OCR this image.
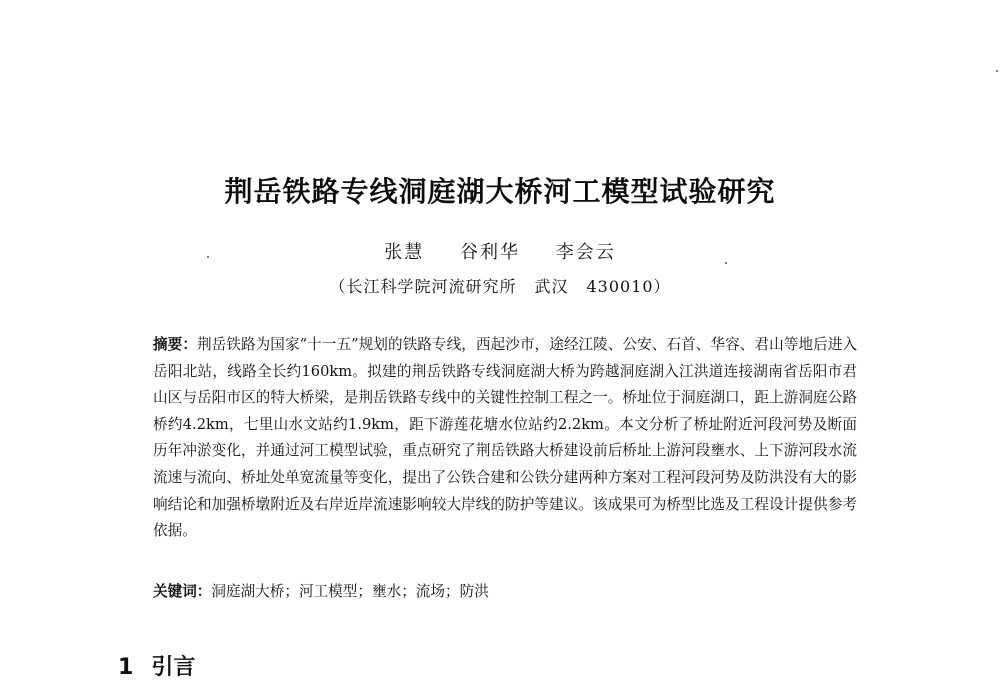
荆岳铁路专线洞庭湖大桥河工模型试验研究
张慧 谷利华 李会云
（长江科学院河流研究所 武汉 430010）
摘要：荆岳铁路为国家“十一五”规划的铁路专线，西起沙市，途经江陵、公安、石首、华容、君山等地后进入岳阳北站，线路全长约160km。拟建的荆岳铁路专线洞庭湖大桥为跨越洞庭湖入江洪道连接湖南省岳阳市君山区与岳阳市区的特大桥梁，是荆岳铁路专线中的关键性控制工程之一。桥址位于洞庭湖口，距上游洞庭公路桥约4.2km，七里山水文站约1.9km，距下游莲花塘水位站约2.2km。本文分析了桥址附近河段河势及断面历年冲淤变化，并通过河工模型试验，重点研究了荆岳铁路大桥建设前后桥址上游河段壅水、上下游河段水流流速与流向、桥址处单宽流量等变化，提出了公铁合建和公铁分建两种方案对工程河段河势及防洪没有大的影响结论和加强桥墩附近及右岸近岸流速影响较大岸线的防护等建议。该成果可为桥型比选及工程设计提供参考依据。
关键词：洞庭湖大桥；河工模型；壅水；流场；防洪
1 引言
